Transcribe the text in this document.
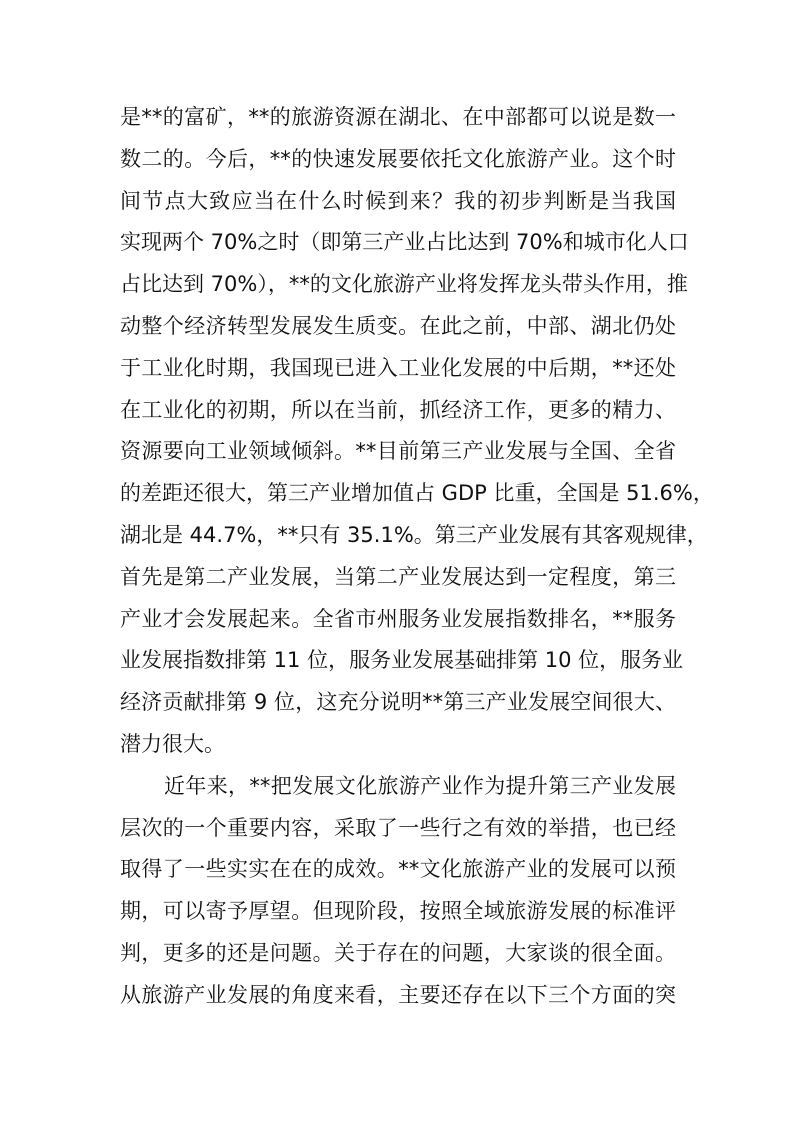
是**的富矿，**的旅游资源在湖北、在中部都可以说是数一
数二的。今后，**的快速发展要依托文化旅游产业。这个时
间节点大致应当在什么时候到来？我的初步判断是当我国
实现两个 70%之时（即第三产业占比达到 70%和城市化人口
占比达到 70%），**的文化旅游产业将发挥龙头带头作用，推
动整个经济转型发展发生质变。在此之前，中部、湖北仍处
于工业化时期，我国现已进入工业化发展的中后期，**还处
在工业化的初期，所以在当前，抓经济工作，更多的精力、
资源要向工业领域倾斜。**目前第三产业发展与全国、全省
的差距还很大，第三产业增加值占 GDP 比重，全国是 51.6%，
湖北是 44.7%，**只有 35.1%。第三产业发展有其客观规律，
首先是第二产业发展，当第二产业发展达到一定程度，第三
产业才会发展起来。全省市州服务业发展指数排名，**服务
业发展指数排第 11 位，服务业发展基础排第 10 位，服务业
经济贡献排第 9 位，这充分说明**第三产业发展空间很大、
潜力很大。
近年来，**把发展文化旅游产业作为提升第三产业发展
层次的一个重要内容，采取了一些行之有效的举措，也已经
取得了一些实实在在的成效。**文化旅游产业的发展可以预
期，可以寄予厚望。但现阶段，按照全域旅游发展的标准评
判，更多的还是问题。关于存在的问题，大家谈的很全面。
从旅游产业发展的角度来看，主要还存在以下三个方面的突
